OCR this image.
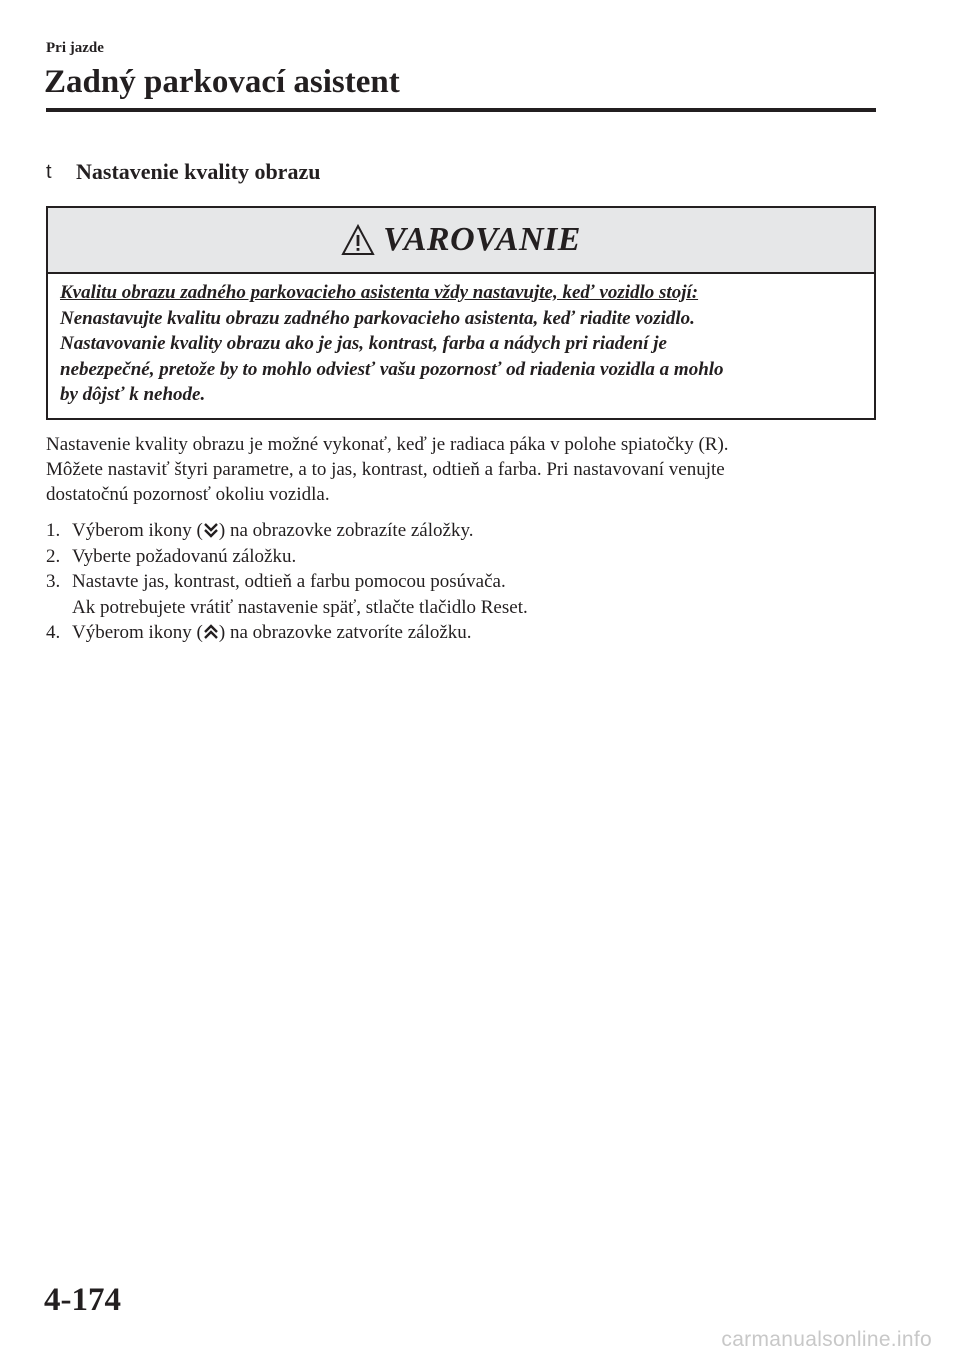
Pri jazde
Zadný parkovací asistent
t	Nastavenie kvality obrazu
VAROVANIE

Kvalitu obrazu zadného parkovacieho asistenta vždy nastavujte, keď vozidlo stojí:

Nenastavujte kvalitu obrazu zadného parkovacieho asistenta, keď riadite vozidlo.

Nastavovanie kvality obrazu ako je jas, kontrast, farba a nádych pri riadení je

nebezpečné, pretože by to mohlo odviesť vašu pozornosť od riadenia vozidla a mohlo

by dôjsť k nehode.

Nastavenie kvality obrazu je možné vykonať, keď je radiaca páka v polohe spiatočky (R).

Môžete nastaviť štyri parametre, a to jas, kontrast, odtieň a farba. Pri nastavovaní venujte

dostatočnú pozornosť okoliu vozidla.

1. Výberom ikony ( ) na obrazovke zobrazíte záložky.
2. Vyberte požadovanú záložku.
3. Nastavte jas, kontrast, odtieň a farbu pomocou posúvača.
Ak potrebujete vrátiť nastavenie späť, stlačte tlačidlo Reset.
4. Výberom ikony ( ) na obrazovke zatvoríte záložku.
4-174
carmanualsonline.info
